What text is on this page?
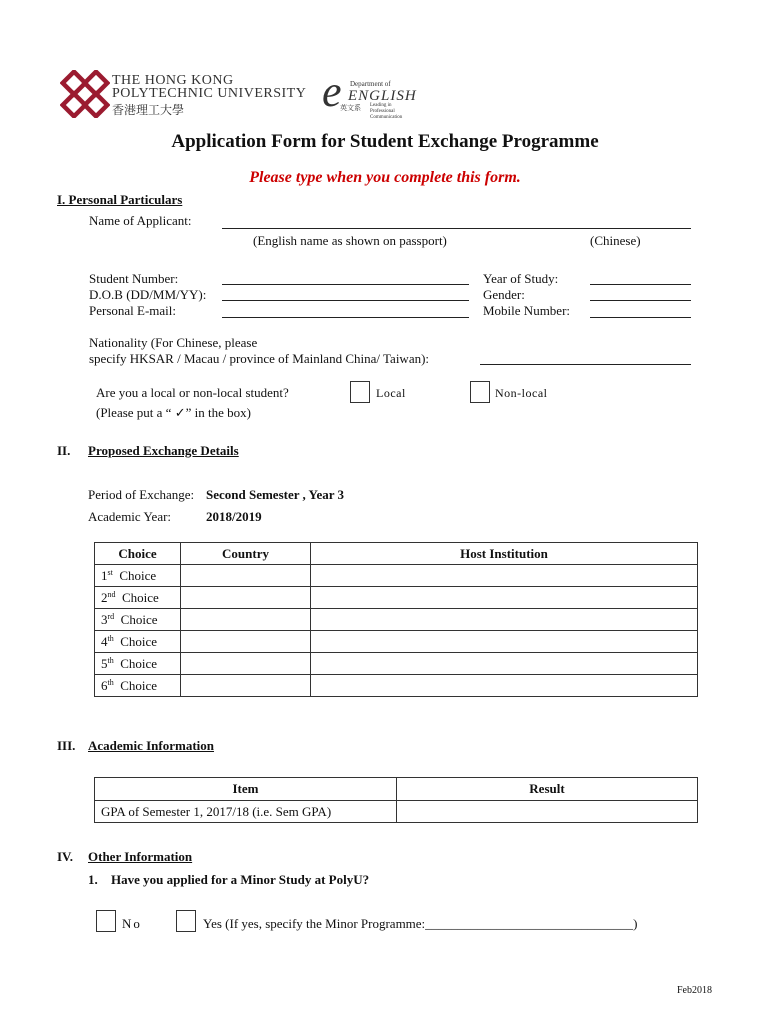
THE HONG KONG
POLYTECHNIC UNIVERSITY
香港理工大學	e Department of
ENGLISH
英文系 Leading in Professional Communication
Application Form for Student Exchange Programme
Please type when you complete this form.
I. Personal Particulars
Name of Applicant:
(English name as shown on passport)	(Chinese)
Student Number:
D.O.B (DD/MM/YY):
Personal E-mail:
Year of Study:
Gender:
Mobile Number:
Nationality (For Chinese, please
specify HKSAR / Macau / province of Mainland China/ Taiwan):
Are you a local or non-local student?
(Please put a “ ✓” in the box)
Local	Non-local
II. Proposed Exchange Details
Period of Exchange: Second Semester , Year 3
Academic Year:	2018/2019
Choice	Country	Host Institution
1st Choice		
2nd Choice		
3rd Choice		
4th Choice		
5th Choice		
6th Choice		
III. Academic Information
Item	Result
GPA of Semester 1, 2017/18 (i.e. Sem GPA)	
IV. Other Information
1. Have you applied for a Minor Study at PolyU?
No	Yes (If yes, specify the Minor Programme:________________________________)
Feb2018
